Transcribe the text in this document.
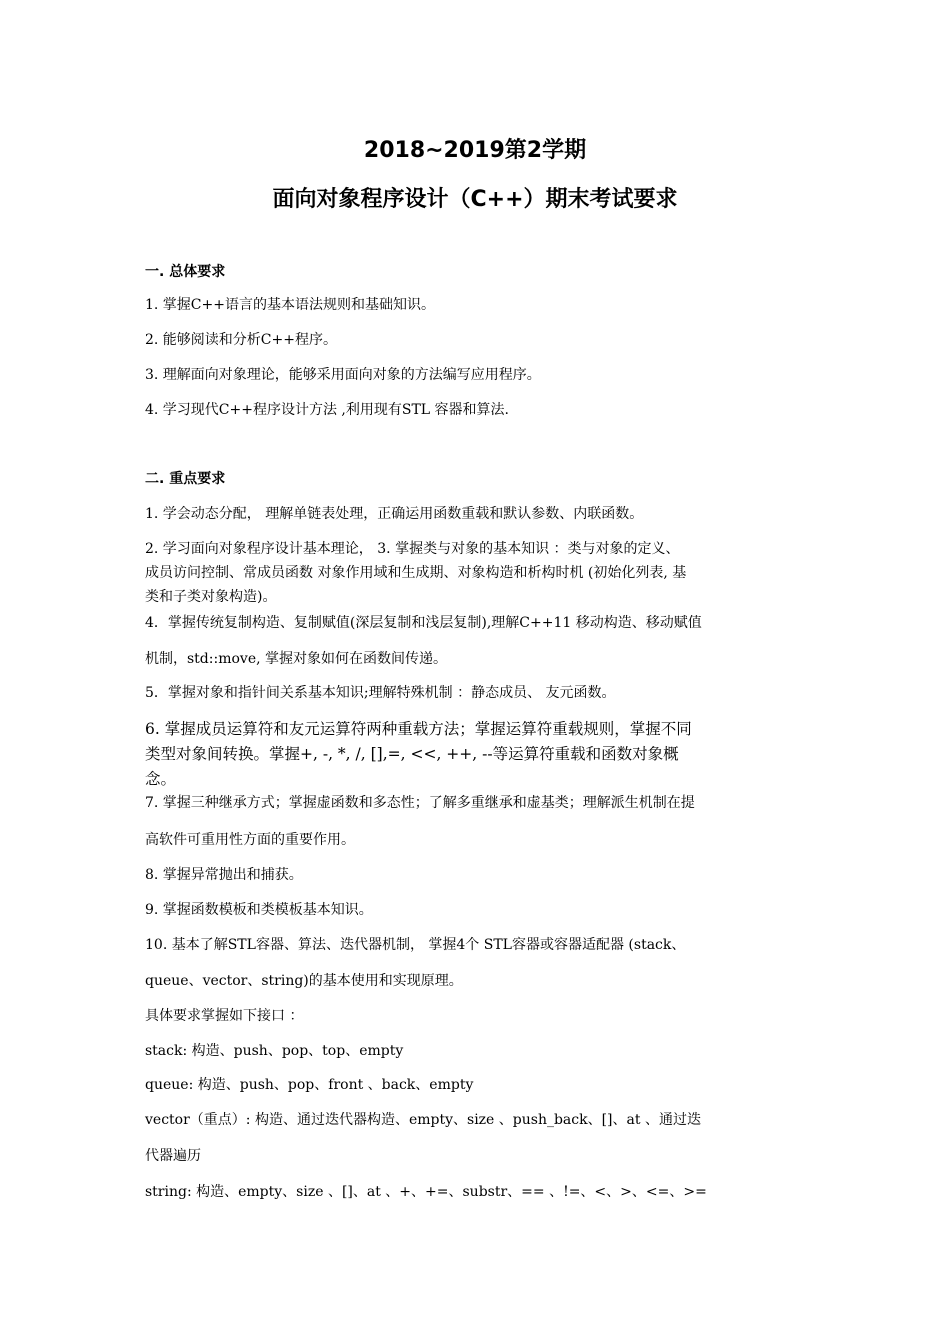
2018~2019第2学期
面向对象程序设计（C++）期末考试要求
一. 总体要求
1. 掌握C++语言的基本语法规则和基础知识。
2. 能够阅读和分析C++程序。
3. 理解面向对象理论，能够采用面向对象的方法编写应用程序。
4. 学习现代C++程序设计方法 ,利用现有STL 容器和算法.
二. 重点要求
1. 学会动态分配， 理解单链表处理，正确运用函数重载和默认参数、内联函数。
2. 学习面向对象程序设计基本理论， 3. 掌握类与对象的基本知识 ：类与对象的定义、
成员访问控制、常成员函数 对象作用域和生成期、对象构造和析构时机 (初始化列表, 基
类和子类对象构造)。
4．掌握传统复制构造、复制赋值(深层复制和浅层复制),理解C++11 移动构造、移动赋值
机制，std::move, 掌握对象如何在函数间传递。
5．掌握对象和指针间关系基本知识;理解特殊机制 ：静态成员、 友元函数。
6. 掌握成员运算符和友元运算符两种重载方法；掌握运算符重载规则，掌握不同
类型对象间转换。掌握+, -, *, /, [],=, <<, ++, --等运算符重载和函数对象概
念。
7. 掌握三种继承方式；掌握虚函数和多态性；了解多重继承和虚基类；理解派生机制在提
高软件可重用性方面的重要作用。
8. 掌握异常抛出和捕获。
9. 掌握函数模板和类模板基本知识。
10. 基本了解STL容器、算法、迭代器机制， 掌握4个 STL容器或容器适配器 (stack、
queue、vector、string)的基本使用和实现原理。
具体要求掌握如下接口 ：
stack: 构造、push、pop、top、empty
queue: 构造、push、pop、front 、back、empty
vector（重点）: 构造、通过迭代器构造、empty、size 、push_back、[]、at 、通过迭
代器遍历
string: 构造、empty、size 、[]、at 、+、+=、substr、== 、!=、<、>、<=、>=
